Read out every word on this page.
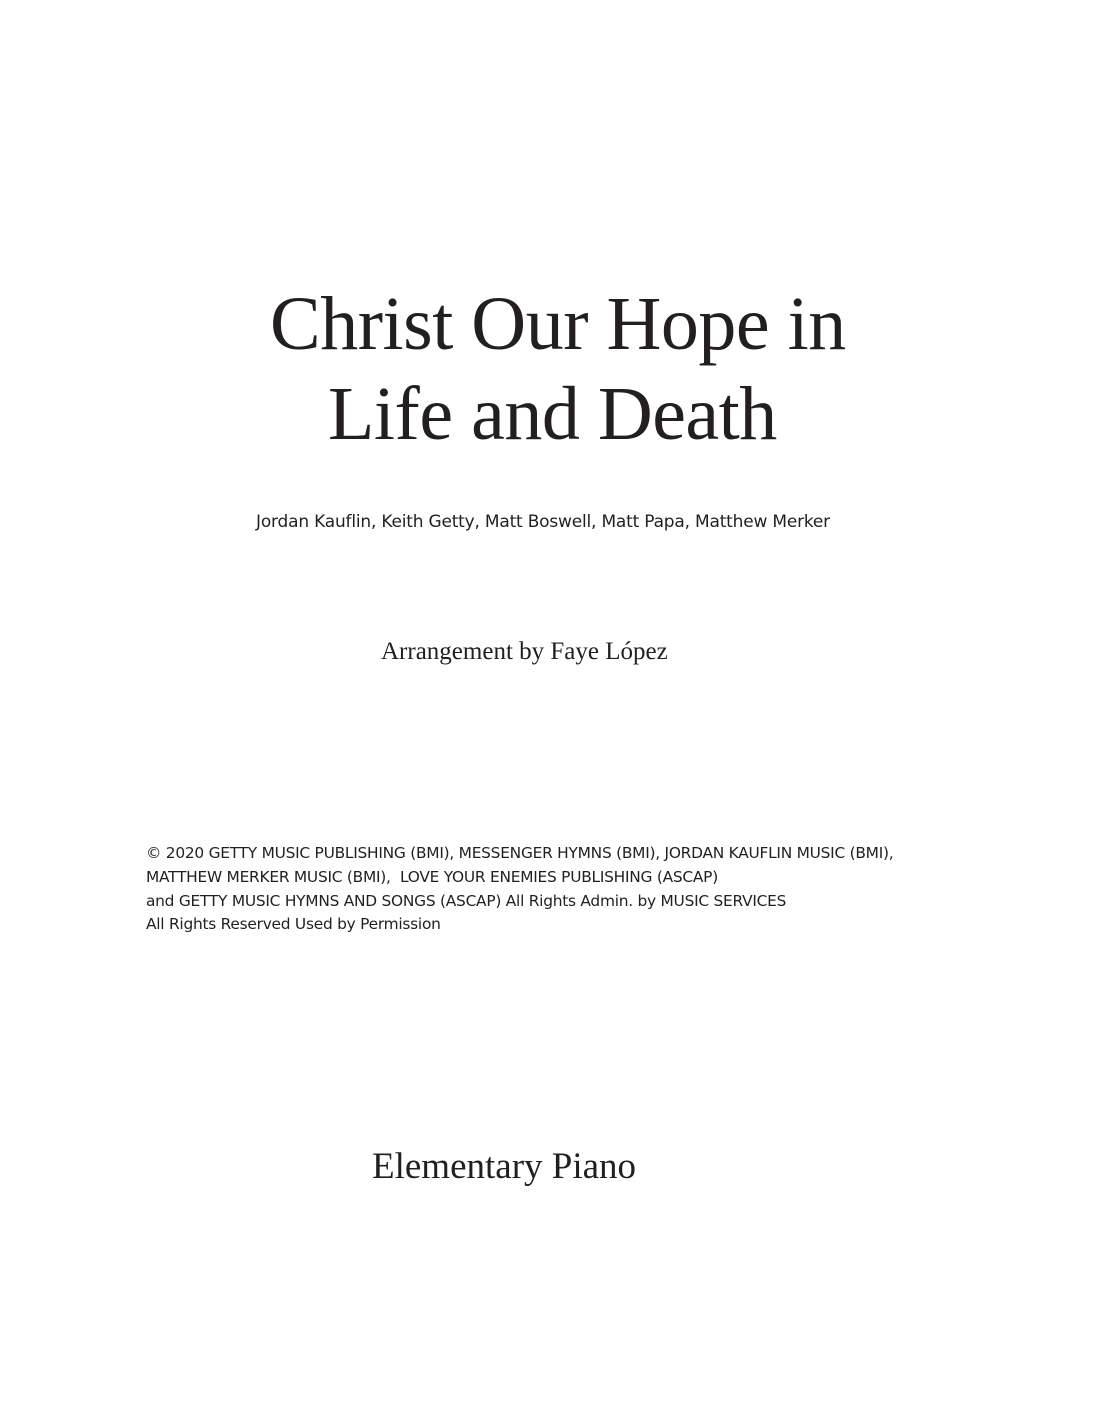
Christ Our Hope in
Life and Death
Jordan Kauflin, Keith Getty, Matt Boswell, Matt Papa, Matthew Merker
Arrangement by Faye López
© 2020 GETTY MUSIC PUBLISHING (BMI), MESSENGER HYMNS (BMI), JORDAN KAUFLIN MUSIC (BMI),
MATTHEW MERKER MUSIC (BMI),  LOVE YOUR ENEMIES PUBLISHING (ASCAP)
and GETTY MUSIC HYMNS AND SONGS (ASCAP) All Rights Admin. by MUSIC SERVICES
All Rights Reserved Used by Permission
Elementary Piano
